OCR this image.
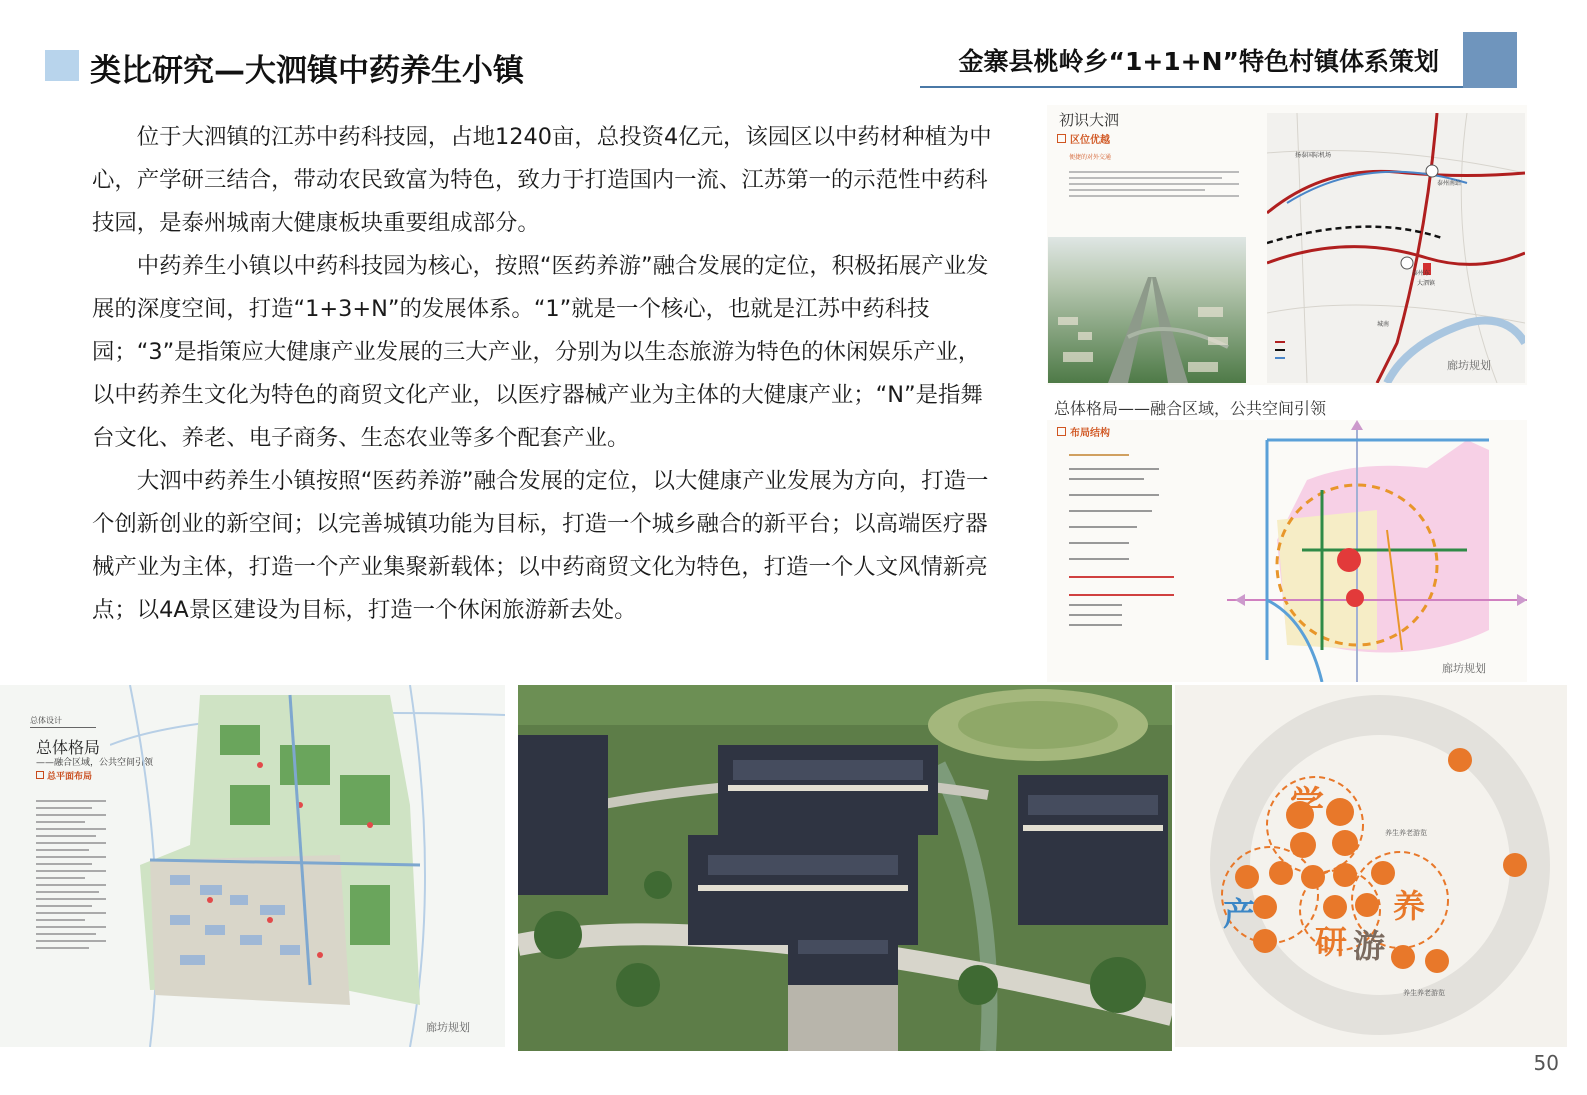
类比研究—大泗镇中药养生小镇	金寨县桃岭乡“1+1+N”特色村镇体系策划

位于大泗镇的江苏中药科技园，占地1240亩，总投资4亿元，该园区以中药材种植为中心，产学研三结合，带动农民致富为特色，致力于打造国内一流、江苏第一的示范性中药科技园，是泰州城南大健康板块重要组成部分。

中药养生小镇以中药科技园为核心，按照“医药养游”融合发展的定位，积极拓展产业发展的深度空间，打造“1+3+N”的发展体系。“1”就是一个核心，也就是江苏中药科技园；“3”是指策应大健康产业发展的三大产业，分别为以生态旅游为特色的休闲娱乐产业，以中药养生文化为特色的商贸文化产业，以医疗器械产业为主体的大健康产业；“N”是指舞台文化、养老、电子商务、生态农业等多个配套产业。

大泗中药养生小镇按照“医药养游”融合发展的定位，以大健康产业发展为方向，打造一个创新创业的新空间；以完善城镇功能为目标，打造一个城乡融合的新平台；以高端医疗器械产业为主体，打造一个产业集聚新载体；以中药商贸文化为特色，打造一个人文风情新亮点；以4A景区建设为目标，打造一个休闲旅游新去处。

初识大泗
区位优越
便捷的对外交通	扬泰国际机场
泰州南站
泰州东
大泗镇
城南
廊坊规划
总体格局——融合区域，公共空间引领
布局结构
廊坊规划
总体设计
总体格局
——融合区域，公共空间引领
总平面布局
廊坊规划
学
产
研
养
游
养生养老游览
养生养老游览
50
